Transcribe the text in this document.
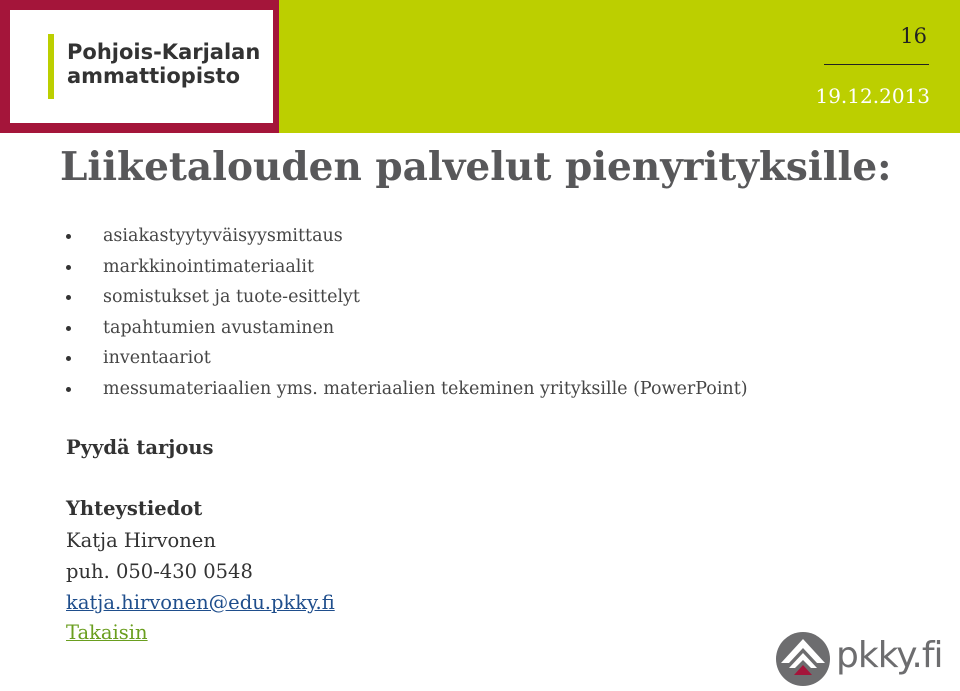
Pohjois-Karjalan
ammattiopisto
16
19.12.2013
Liiketalouden palvelut pienyrityksille:
asiakastyytyväisyysmittaus
markkinointimateriaalit
somistukset ja tuote-esittelyt
tapahtumien avustaminen
inventaariot
messumateriaalien yms. materiaalien tekeminen yrityksille (PowerPoint)
Pyydä tarjous
Yhteystiedot
Katja Hirvonen
puh. 050-430 0548
katja.hirvonen@edu.pkky.fi
Takaisin
pkky.fi
